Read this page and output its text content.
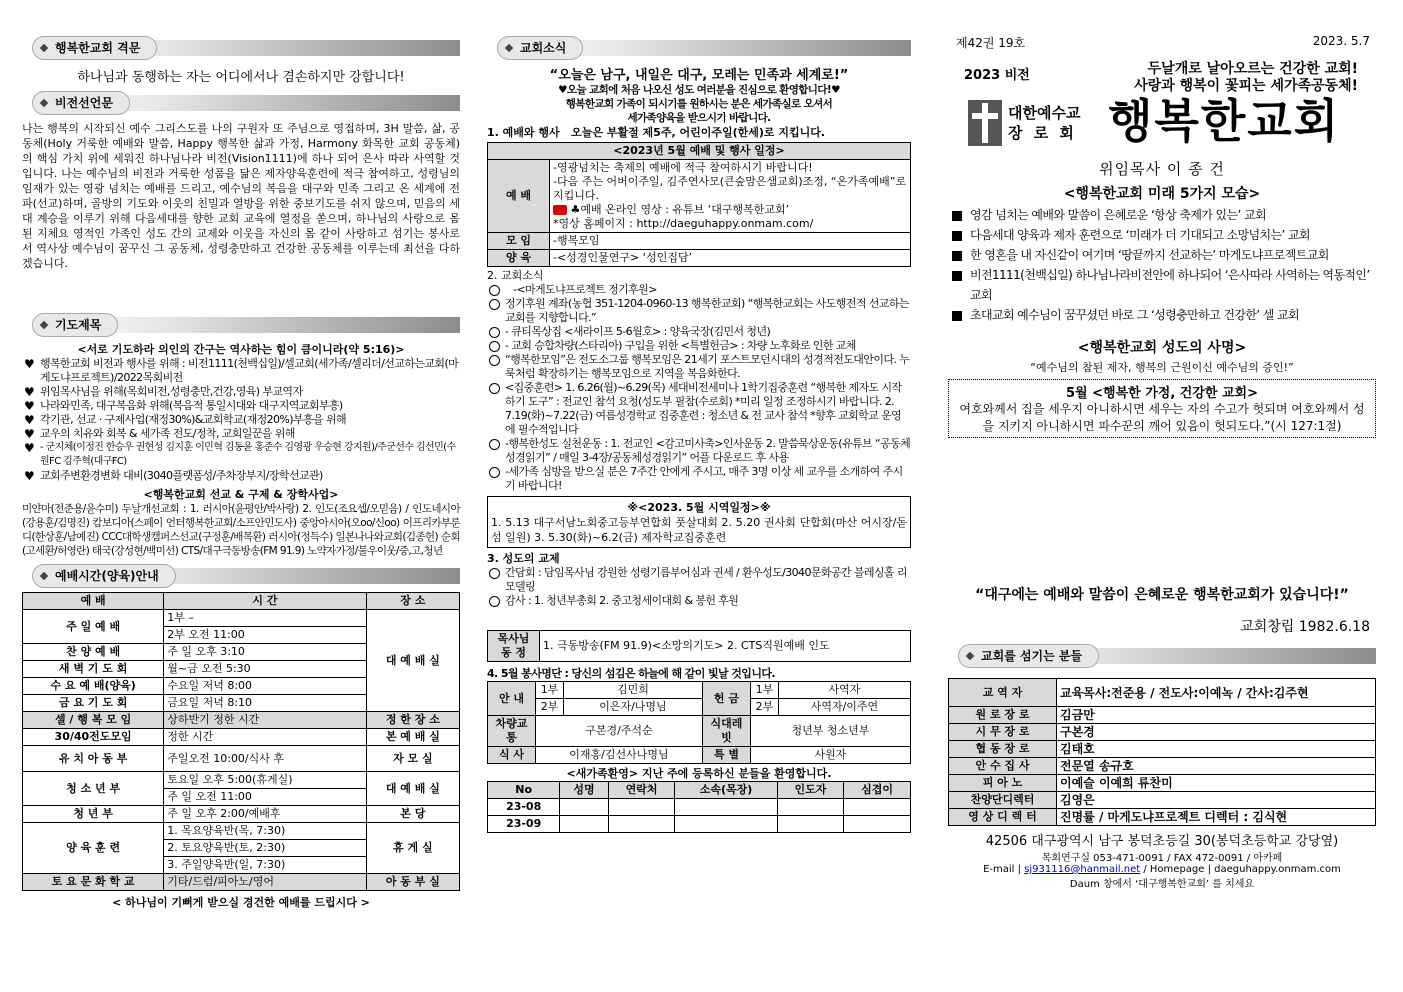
행복한교회 격문
하나님과 동행하는 자는 어디에서나 겸손하지만 강합니다!
비전선언문
나는 행복의 시작되신 예수 그리스도를 나의 구원자 또 주님으로 영접하며, 3H 말씀, 삶, 공동체(Holy 거룩한 예배와 말씀, Happy 행복한 삶과 가정, Harmony 화목한 교회 공동체)의 핵심 가치 위에 세워진 하나님나라 비전(Vision1111)에 하나 되어 은사 따라 사역할 것입니다. 나는 예수님의 비전과 거룩한 성품을 닮은 제자양육훈련에 적극 참여하고, 성령님의 임재가 있는 영광 넘치는 예배를 드리고, 예수님의 복음을 대구와 민족 그리고 온 세계에 전파(선교)하며, 골방의 기도와 이웃의 친밀과 열방을 위한 중보기도를 쉬지 않으며, 믿음의 세대 계승을 이루기 위해 다음세대를 향한 교회 교육에 열정을 쏟으며, 하나님의 사랑으로 몸 된 지체요 영적인 가족인 성도 간의 교제와 이웃을 자신의 몸 같이 사랑하고 섬기는 봉사로서 역사상 예수님이 꿈꾸신 그 공동체, 성령충만하고 건강한 공동체를 이루는데 최선을 다하겠습니다.
기도제목
<서로 기도하라 의인의 간구는 역사하는 힘이 큼이니라(약 5:16)>
♥ 행복한교회 비전과 행사를 위해 : 비전1111(천백십일)/셀교회(세가족/셀리더/선교하는교회(마게도냐프로젝트)/2022목회비전
♥ 위임목사님을 위해(목회비전,성령충만,건강,영육) 부교역자
♥ 나라와민족, 대구복음화 위해(복음적 통일시대와 대구지역교회부흥)
♥ 각기관, 선교 · 구제사업(재정30%)&교회학교(재정20%)부흥을 위해
♥ 교우의 치유와 회복 & 세가족 전도/정착, 교회일꾼을 위해
♥ - 군지체(이정진 한승우 권현성 김지훈 이민혁 김동윤 홍준수 김영광 우승현 강지원)/주군선수 김선민(수원FC 김주혁(대구FC)
♥ 교회주변환경변화 대비(3040플랫폼성/주차장부지/장학선교관)
<행복한교회 선교 & 구제 & 장학사업>
미얀마(전준용/윤수미) 두날개선교회 : 1. 러시아(윤평안/박사랑) 2. 인도(조요셉/오믿음) / 인도네시아(강용훈/김명진) 캄보디아(스페이 언터행복한교회/소프안민도사) 중앙아시아(오oo/신oo) 이프리카부룬디(한상훈/남예진) CCC대학생캠퍼스선교(구정훈/배목환) 러시아(정득수) 일본나나와교회(김종헌) 순회(고세환/허영란) 태국(강성현/백미선) CTS/대구극동방송(FM 91.9) 노약자가정/불우이웃/중,고,청년
예배시간(양육)안내
예 배	시 간	장 소
주 일 예 배	1부 –	대 예 배 실
	2부 오전 11:00	
찬 양 예 배	주 일 오후 3:10	
새 벽 기 도 회	월~금 오전 5:30	
수 요 예 배(양육)	수요일 저녁 8:00	
금 요 기 도 회	금요일 저녁 8:10	
셀 / 행 복 모 임	상하반기 정한 시간	정 한 장 소
30/40전도모임	정한 시간	본 예 배 실
유 치 아 동 부	주일오전 10:00/식사 후	자 모 실
청 소 년 부	토요일 오후 5:00(휴게실)	대 예 배 실
	주 일 오전 11:00	
청 년 부	주 일 오후 2:00/예배후	본 당
양 육 훈 련	1. 목요양육반(목, 7:30)	휴 게 실
	2. 토요양육반(토, 2:30)	
	3. 주일양육반(일, 7:30)	
토 요 문 화 학 교	기타/드럼/피아노/영어	아 동 부 실
< 하나님이 기뻐게 받으실 경건한 예배를 드립시다 >
교회소식
“오늘은 남구, 내일은 대구, 모레는 민족과 세계로!”
♥오늘 교회에 처음 나오신 성도 여러분을 진심으로 환영합니다!♥
행복한교회 가족이 되시기를 원하시는 분은 세가족실로 오셔서
세가족양육을 받으시기 바랍니다.
1. 예배와 행사 오늘은 부활절 제5주, 어린이주일(한세)로 지킵니다.
<2023년 5월 예배 및 행사 일정>	
예 배	-영광넘치는 축제의 예배에 적극 참여하시기 바랍니다!
-다음 주는 어버이주일, 김주연사모(큰숲맘은샘교회)조정, “온가족예배”로 지킵니다.
♣예배 온라인 영상 : 유튜브 ‘대구행복한교회’
*영상 홈페이지 : http://daeguhappy.onmam.com/

모 임	-행복모임
양 육	-<성경인물연구> ‘성인집담’
2. 교회소식
-<마게도냐프로젝트 정기후원>
정기후원 계좌(농협 351-1204-0960-13 행복한교회) “행복한교회는 사도행전적 선교하는 교회를 지향합니다.”
- 큐티목상집 <새라이프 5-6월호> : 양육국장(김민서 청년)
- 교회 승합차량(스타리아) 구입을 위한 <특별헌금> : 차량 노후화로 인한 교체
“행복한모임”은 전도소그룹 행복모임은 21세기 포스트모던시대의 성경적전도대안이다. 누룩처럼 확장하기는 행복모임으로 지역을 복음화한다.
<집중훈련> 1. 6.26(월)~6.29(목) 세대비전세미나 1학기집중훈련 “행복한 제자도 시작하기 도구” : 전교인 참석 요청(성도부 필참(수로회) *미리 일정 조정하시기 바랍니다. 2. 7.19(화)~7.22(금) 여름성경학교 집중훈련 : 청소년 & 전 교사 참석 *향후 교회학교 운영에 필수적입니다
-행복한성도 실천운동 : 1. 전교인 <감고미사축>인사운동 2. 말씀묵상운동(유튜브 “공동체성경읽기” / 매일 3-4장/공동체성경읽기” 어플 다운로드 후 사용
-세가족 심방을 받으실 분은 7주간 안에게 주시고, 매주 3명 이상 세 교우를 소개하여 주시기 바랍니다!
※<2023. 5월 시역일정>※
1. 5.13 대구서남노회중고등부연합회 풋살대회 2. 5.20 권사회 단합회(마산 어시장/돋섬 일원) 3. 5.30(화)~6.2(금) 제자학교집중훈련
3. 성도의 교제
간담회 : 담임목사님 강원한 성령기름부어심과 권세 / 환우성도/3040문화공간 블레싱홀 리모델링
감사 : 1. 청년부총회 2. 중고청세이대회 & 봉헌 후원
목사님 동 정	1. 극동방송(FM 91.9)<소망의기도> 2. CTS직원예배 인도
4. 5월 봉사명단 : 당신의 섬김은 하늘에 해 같이 빛날 것입니다.
안 내	1부	김민희	헌 금	1부	사역자
	2부	이은자/나명님		2부	사역자/이주연
차량교통	구본경/주석순		식대레빗	청년부 청소년부	
식 사	이재홍/김선사나명님		특 별	사원자	
<새가족환영> 지난 주에 등록하신 분들을 환영합니다.
No	성명	연락처	소속(목장)	인도자	심겹이
23-08					
23-09					
제42권 19호	2023. 5.7
2023 비전	두날개로 날아오르는 건강한 교회!
사랑과 행복이 꽃피는 세가족공동체!
대한예수교
장 로 회 행복한교회
위임목사 이 종 건
<행복한교회 미래 5가지 모습>
영감 넘치는 예배와 말씀이 은혜로운 ‘항상 축제가 있는’ 교회
다음세대 양육과 제자 훈련으로 ‘미래가 더 기대되고 소망넘치는’ 교회
한 영혼을 내 자신같이 여기며 ‘땅끝까지 선교하는’ 마게도냐프로젝트교회
비전1111(천백십일) 하나님나라비전안에 하나되어 ‘은사따라 사역하는 역동적인’ 교회
초대교회 예수님이 꿈꾸셨던 바로 그 ‘성령충만하고 건강한’ 셀 교회
<행복한교회 성도의 사명>
“예수님의 참된 제자, 행복의 근원이신 예수님의 증인!”
5월 <행복한 가정, 건강한 교회>
여호와께서 집을 세우지 아니하시면 세우는 자의 수고가 헛되며 여호와께서 성을 지키지 아니하시면 파수꾼의 깨어 있음이 헛되도다.”(시 127:1절)
“대구에는 예배와 말씀이 은혜로운 행복한교회가 있습니다!”
교회창립 1982.6.18
교회를 섬기는 분들
교 역 자	교육목사:전준용 / 전도사:이예녹 / 간사:김주현
원 로 장 로	김금만
시 무 장 로	구본경
협 동 장 로	김태호
안 수 집 사	전문열 송규호
피 아 노	이예슬 이예희 류찬미
찬양단디렉터	김영은
영 상 디 렉 터	진명률 / 마게도냐프로젝트 디렉터 : 김식현
42506 대구광역시 남구 봉덕초등길 30(봉덕초등학교 강당옆)
목회연구실 053-471-0091 / FAX 472-0091 / 아카페
E-mail | sj931116@hanmail.net / Homepage | daeguhappy.onmam.com
Daum 창에서 ‘대구행복한교회’ 를 치세요
